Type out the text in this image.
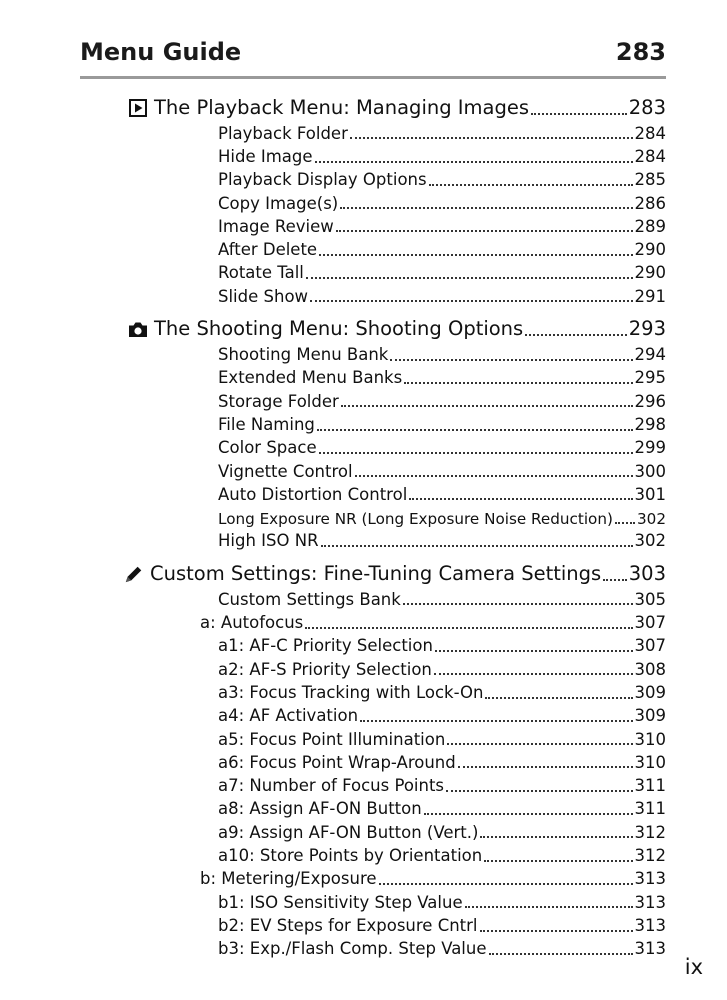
Menu Guide	283
The Playback Menu: Managing Images	283
Playback Folder	284
Hide Image	284
Playback Display Options	285
Copy Image(s)	286
Image Review	289
After Delete	290
Rotate Tall	290
Slide Show	291
The Shooting Menu: Shooting Options	293
Shooting Menu Bank	294
Extended Menu Banks	295
Storage Folder	296
File Naming	298
Color Space	299
Vignette Control	300
Auto Distortion Control	301
Long Exposure NR (Long Exposure Noise Reduction) 302
High ISO NR	302
Custom Settings: Fine-Tuning Camera Settings 303
Custom Settings Bank	305
a: Autofocus	307
a1: AF-C Priority Selection	307
a2: AF-S Priority Selection	308
a3: Focus Tracking with Lock-On	309
a4: AF Activation	309
a5: Focus Point Illumination	310
a6: Focus Point Wrap-Around	310
a7: Number of Focus Points	311
a8: Assign AF-ON Button	311
a9: Assign AF-ON Button (Vert.)	312
a10: Store Points by Orientation	312
b: Metering/Exposure	313
b1: ISO Sensitivity Step Value	313
b2: EV Steps for Exposure Cntrl	313
b3: Exp./Flash Comp. Step Value	313
ix
